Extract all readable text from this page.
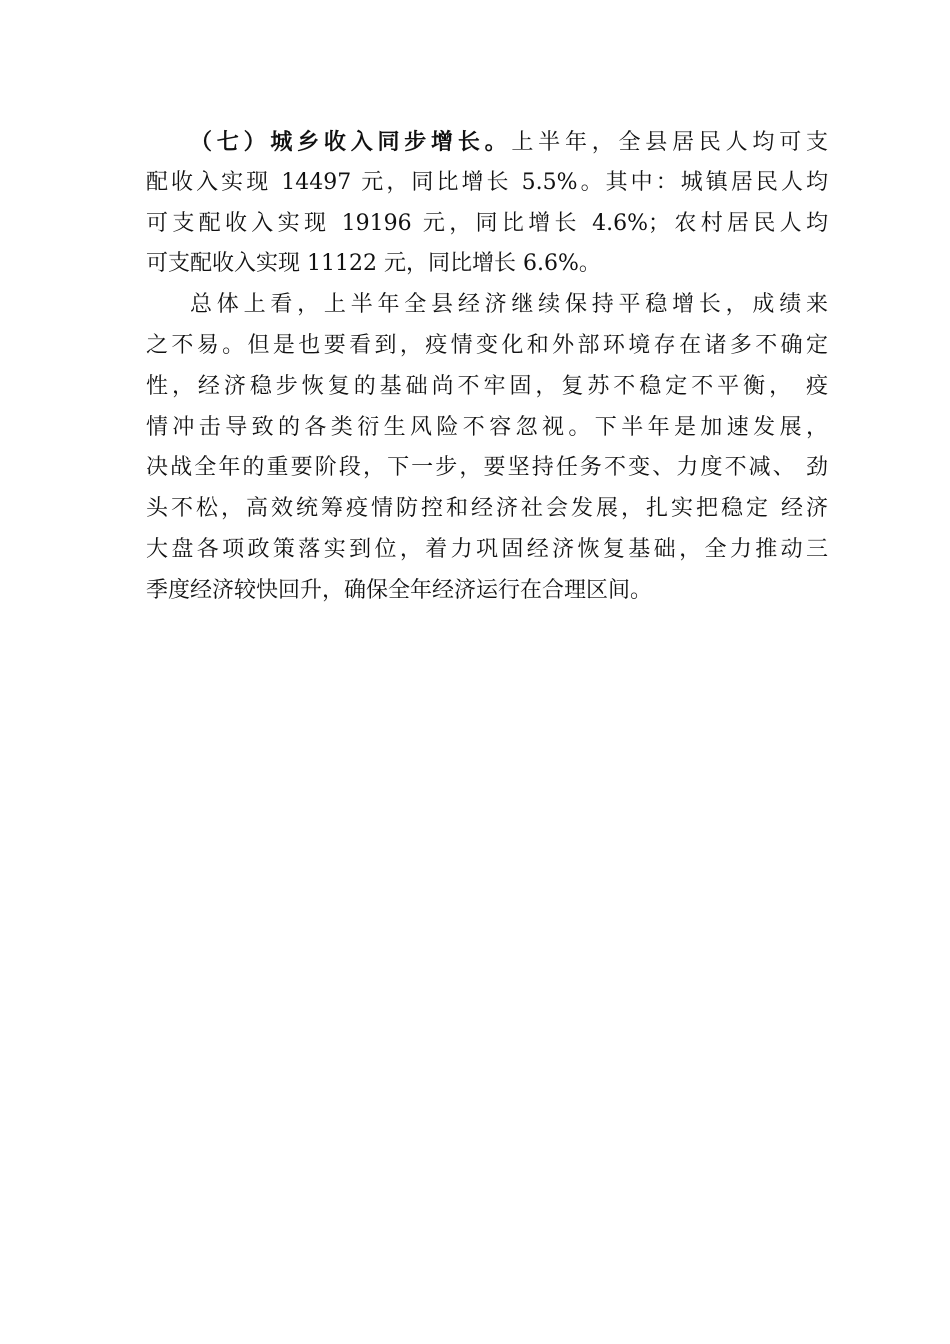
（七）城乡收入同步增长。上半年，全县居民人均可支
配收入实现 14497 元，同比增长 5.5%。其中：城镇居民人均
可支配收入实现 19196 元，同比增长 4.6%；农村居民人均
可支配收入实现 11122 元，同比增长 6.6%。
总体上看，上半年全县经济继续保持平稳增长，成绩来
之不易。但是也要看到，疫情变化和外部环境存在诸多不确定
性，经济稳步恢复的基础尚不牢固，复苏不稳定不平衡， 疫
情冲击导致的各类衍生风险不容忽视。下半年是加速发展，
决战全年的重要阶段，下一步，要坚持任务不变、力度不减、 劲
头不松，高效统筹疫情防控和经济社会发展，扎实把稳定 经济
大盘各项政策落实到位，着力巩固经济恢复基础，全力推动三
季度经济较快回升，确保全年经济运行在合理区间。
